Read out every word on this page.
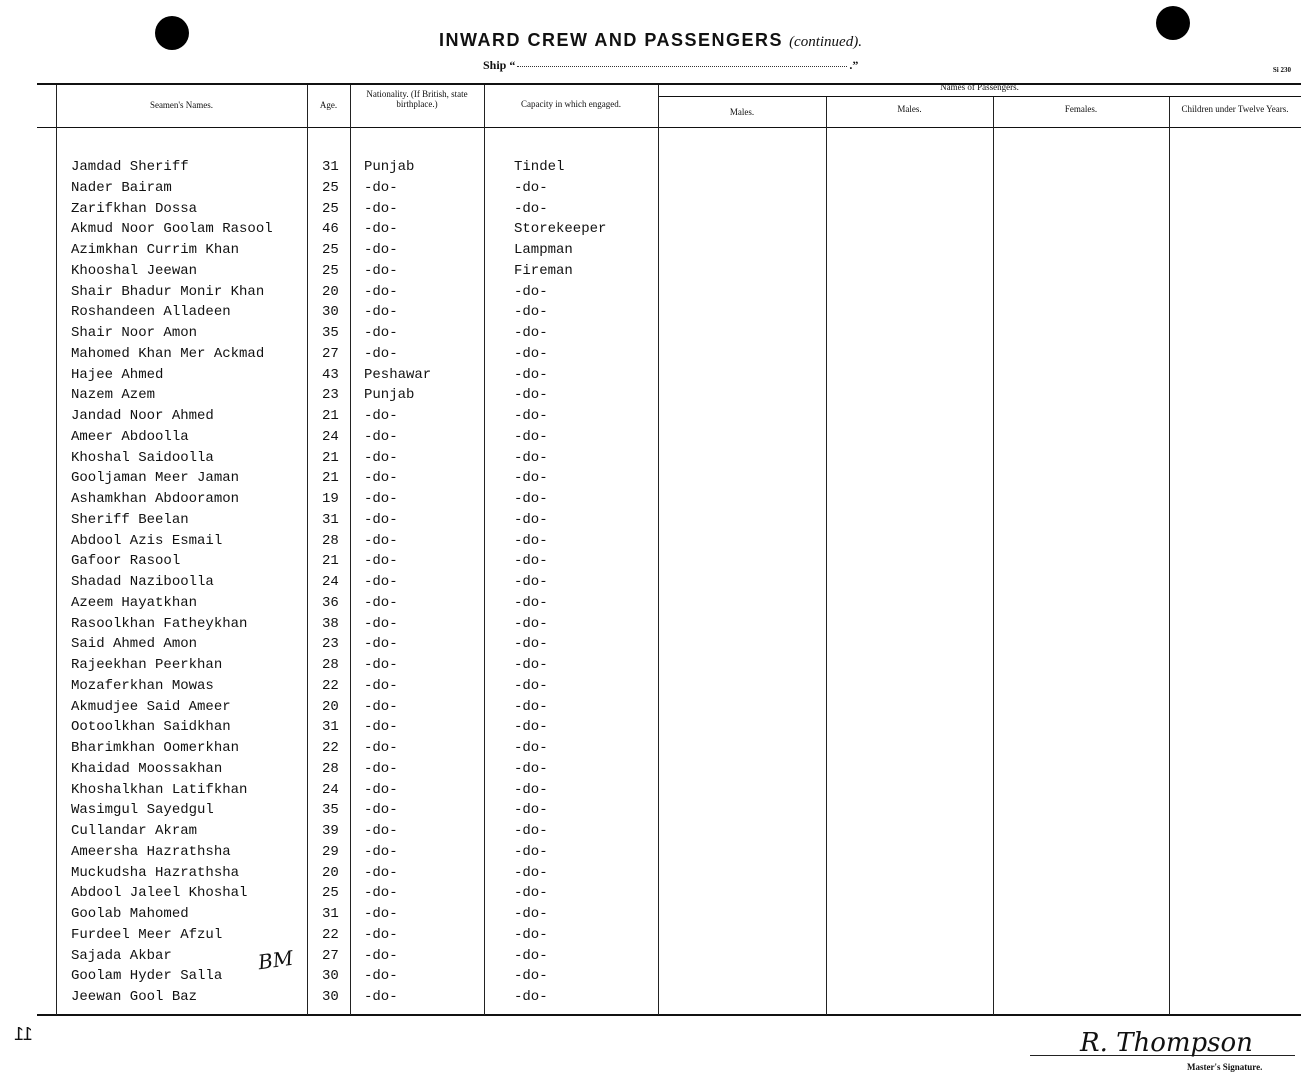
INWARD CREW AND PASSENGERS (continued).
Ship “	.”	Si 230
Seamen's Names.	Age.
Nationality. (If British, state birthplace.)	Capacity in which engaged.
Names of Passengers.
Males.	Males.	Females.	Children under Twelve Years.
Jamdad Sheriff	31 Punjab	Tindel
Nader Bairam	25 -do-	-do-
Zarifkhan Dossa	25 -do-	-do-
Akmud Noor Goolam Rasool	46 -do-	Storekeeper
Azimkhan Currim Khan	25 -do-	Lampman
Khooshal Jeewan	25 -do-	Fireman
Shair Bhadur Monir Khan	20 -do-	-do-
Roshandeen Alladeen	30 -do-	-do-
Shair Noor Amon	35 -do-	-do-
Mahomed Khan Mer Ackmad	27 -do-	-do-
Hajee Ahmed	43 Peshawar	-do-
Nazem Azem	23 Punjab	-do-
Jandad Noor Ahmed	21 -do-	-do-
Ameer Abdoolla	24 -do-	-do-
Khoshal Saidoolla	21 -do-	-do-
Gooljaman Meer Jaman	21 -do-	-do-
Ashamkhan Abdooramon	19 -do-	-do-
Sheriff Beelan	31 -do-	-do-
Abdool Azis Esmail	28 -do-	-do-
Gafoor Rasool	21 -do-	-do-
Shadad Naziboolla	24 -do-	-do-
Azeem Hayatkhan	36 -do-	-do-
Rasoolkhan Fatheykhan	38 -do-	-do-
Said Ahmed Amon	23 -do-	-do-
Rajeekhan Peerkhan	28 -do-	-do-
Mozaferkhan Mowas	22 -do-	-do-
Akmudjee Said Ameer	20 -do-	-do-
Ootoolkhan Saidkhan	31 -do-	-do-
Bharimkhan Oomerkhan	22 -do-	-do-
Khaidad Moossakhan	28 -do-	-do-
Khoshalkhan Latifkhan	24 -do-	-do-
Wasimgul Sayedgul	35 -do-	-do-
Cullandar Akram	39 -do-	-do-
Ameersha Hazrathsha	29 -do-	-do-
Muckudsha Hazrathsha	20 -do-	-do-
Abdool Jaleel Khoshal	25 -do-	-do-
Goolab Mahomed	31 -do-	-do-
Furdeel Meer Afzul	22 -do-	-do-
Sajada Akbar	27 -do-	-do-
Goolam Hyder Salla	30 -do-	-do-
Jeewan Gool Baz	30 -do-	-do-
11
BM
R. Thompson
Master's Signature.
